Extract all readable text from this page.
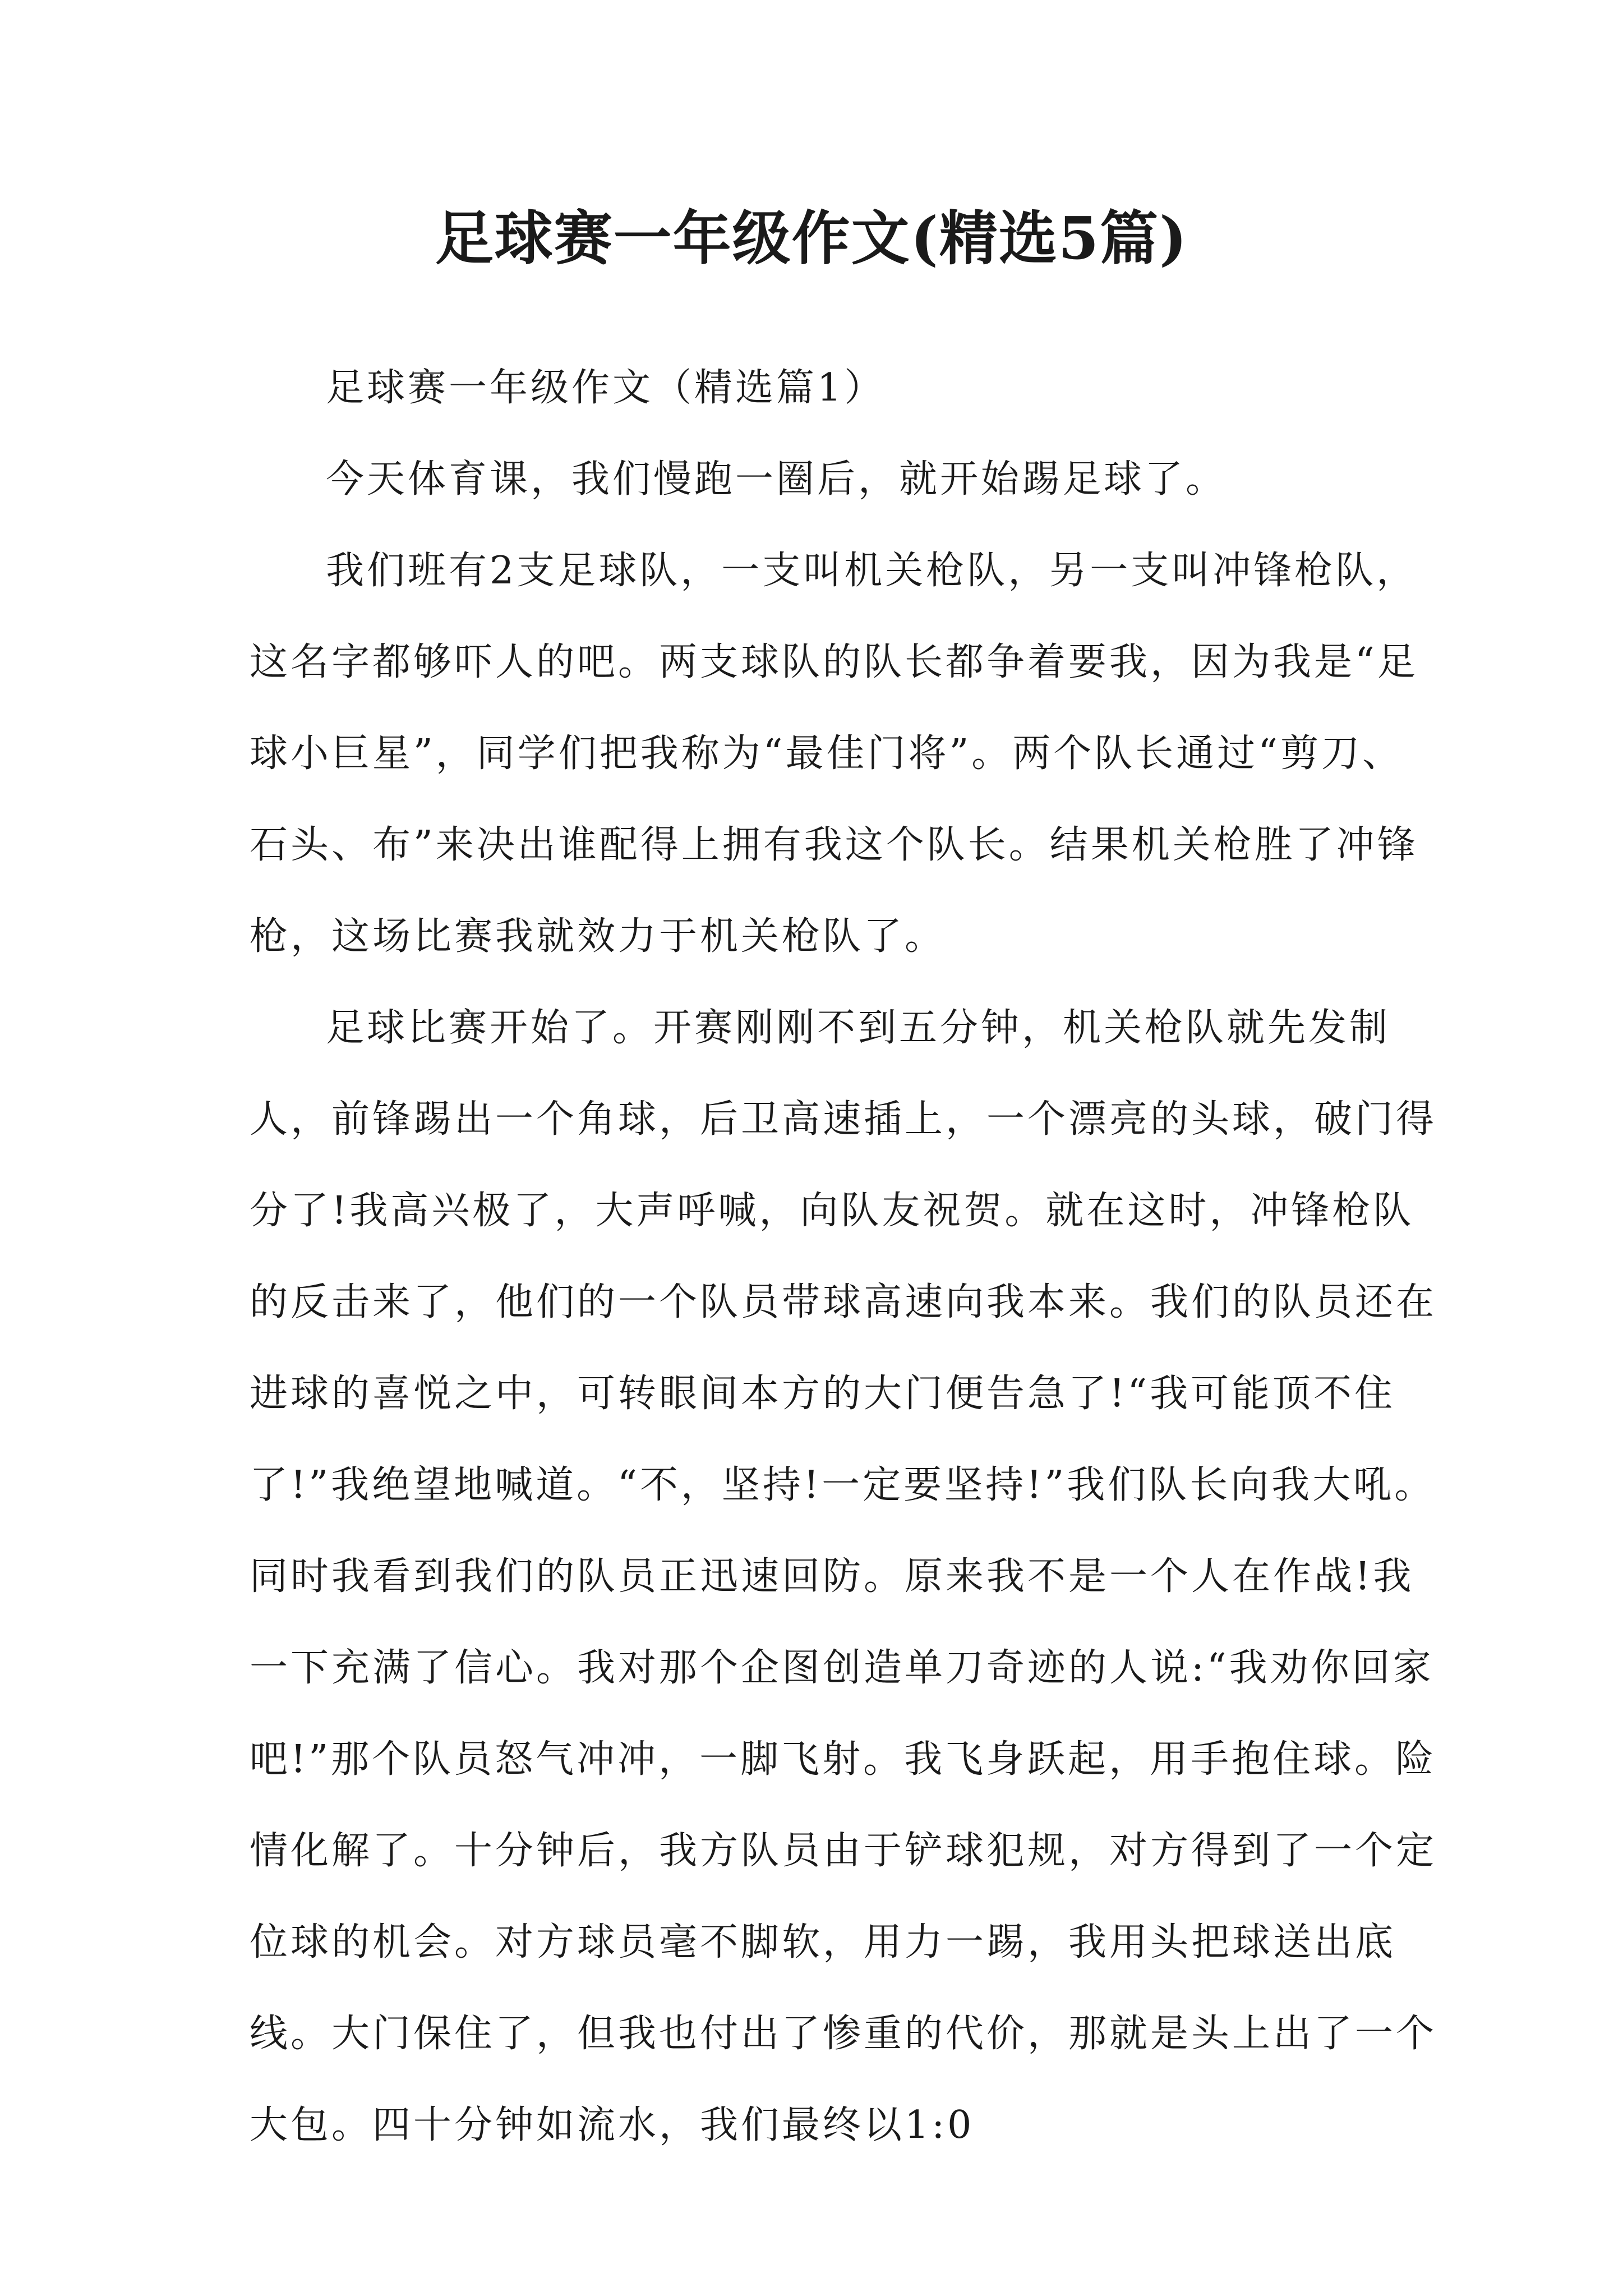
足球赛一年级作文(精选5篇)

足球赛一年级作文（精选篇1）

今天体育课，我们慢跑一圈后，就开始踢足球了。

我们班有2支足球队，一支叫机关枪队，另一支叫冲锋枪队，这名字都够吓人的吧。两支球队的队长都争着要我，因为我是“足球小巨星”，同学们把我称为“最佳门将”。两个队长通过“剪刀、石头、布”来决出谁配得上拥有我这个队长。结果机关枪胜了冲锋枪，这场比赛我就效力于机关枪队了。

足球比赛开始了。开赛刚刚不到五分钟，机关枪队就先发制人，前锋踢出一个角球，后卫高速插上，一个漂亮的头球，破门得分了!我高兴极了，大声呼喊，向队友祝贺。就在这时，冲锋枪队的反击来了，他们的一个队员带球高速向我本来。我们的队员还在进球的喜悦之中，可转眼间本方的大门便告急了!“我可能顶不住了!”我绝望地喊道。“不，坚持!一定要坚持!”我们队长向我大吼。同时我看到我们的队员正迅速回防。原来我不是一个人在作战!我一下充满了信心。我对那个企图创造单刀奇迹的人说:“我劝你回家吧!”那个队员怒气冲冲，一脚飞射。我飞身跃起，用手抱住球。险情化解了。十分钟后，我方队员由于铲球犯规，对方得到了一个定位球的机会。对方球员毫不脚软，用力一踢，我用头把球送出底线。大门保住了，但我也付出了惨重的代价，那就是头上出了一个大包。四十分钟如流水，我们最终以1:0
